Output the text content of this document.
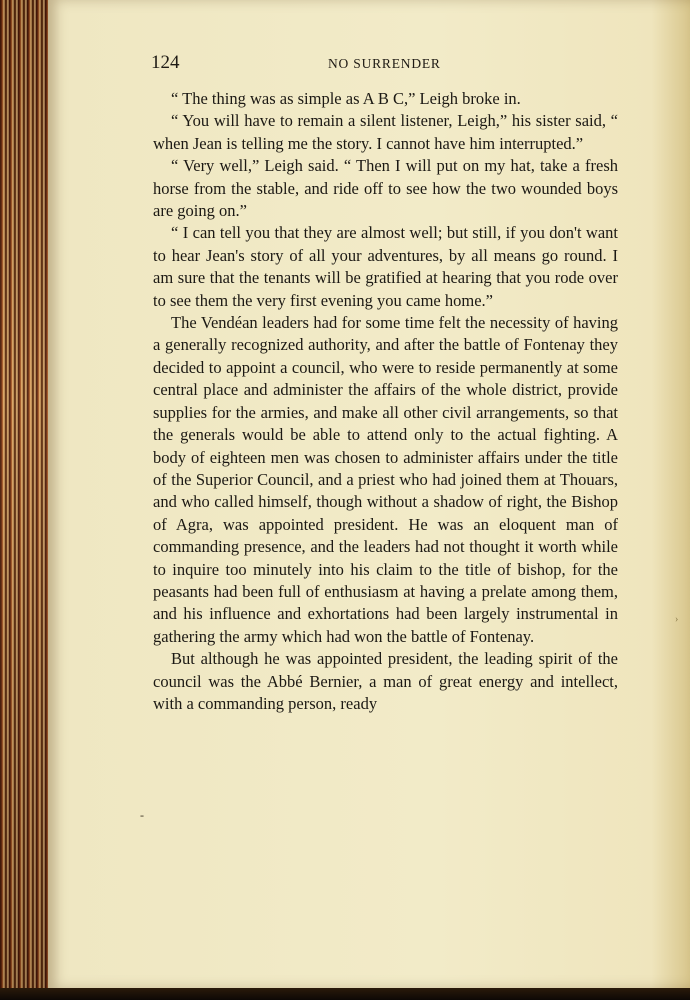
124	NO SURRENDER

“ The thing was as simple as A B C,” Leigh broke in.

“ You will have to remain a silent listener, Leigh,” his sister said, “ when Jean is telling me the story. I cannot have him interrupted.”

“ Very well,” Leigh said. “ Then I will put on my hat, take a fresh horse from the stable, and ride off to see how the two wounded boys are going on.”

“ I can tell you that they are almost well; but still, if you don't want to hear Jean's story of all your adventures, by all means go round. I am sure that the tenants will be gratified at hearing that you rode over to see them the very first evening you came home.”

The Vendéan leaders had for some time felt the necessity of having a generally recognized authority, and after the battle of Fontenay they decided to appoint a council, who were to reside permanently at some central place and administer the affairs of the whole district, provide supplies for the armies, and make all other civil arrangements, so that the generals would be able to attend only to the actual fighting. A body of eighteen men was chosen to administer affairs under the title of the Superior Council, and a priest who had joined them at Thouars, and who called himself, though without a shadow of right, the Bishop of Agra, was appointed president. He was an eloquent man of commanding presence, and the leaders had not thought it worth while to inquire too minutely into his claim to the title of bishop, for the peasants had been full of enthusiasm at having a prelate among them, and his influence and exhortations had been largely instrumental in gathering the army which had won the battle of Fontenay.

But although he was appointed president, the leading spirit of the council was the Abbé Bernier, a man of great energy and intellect, with a commanding person, ready

‐
›
